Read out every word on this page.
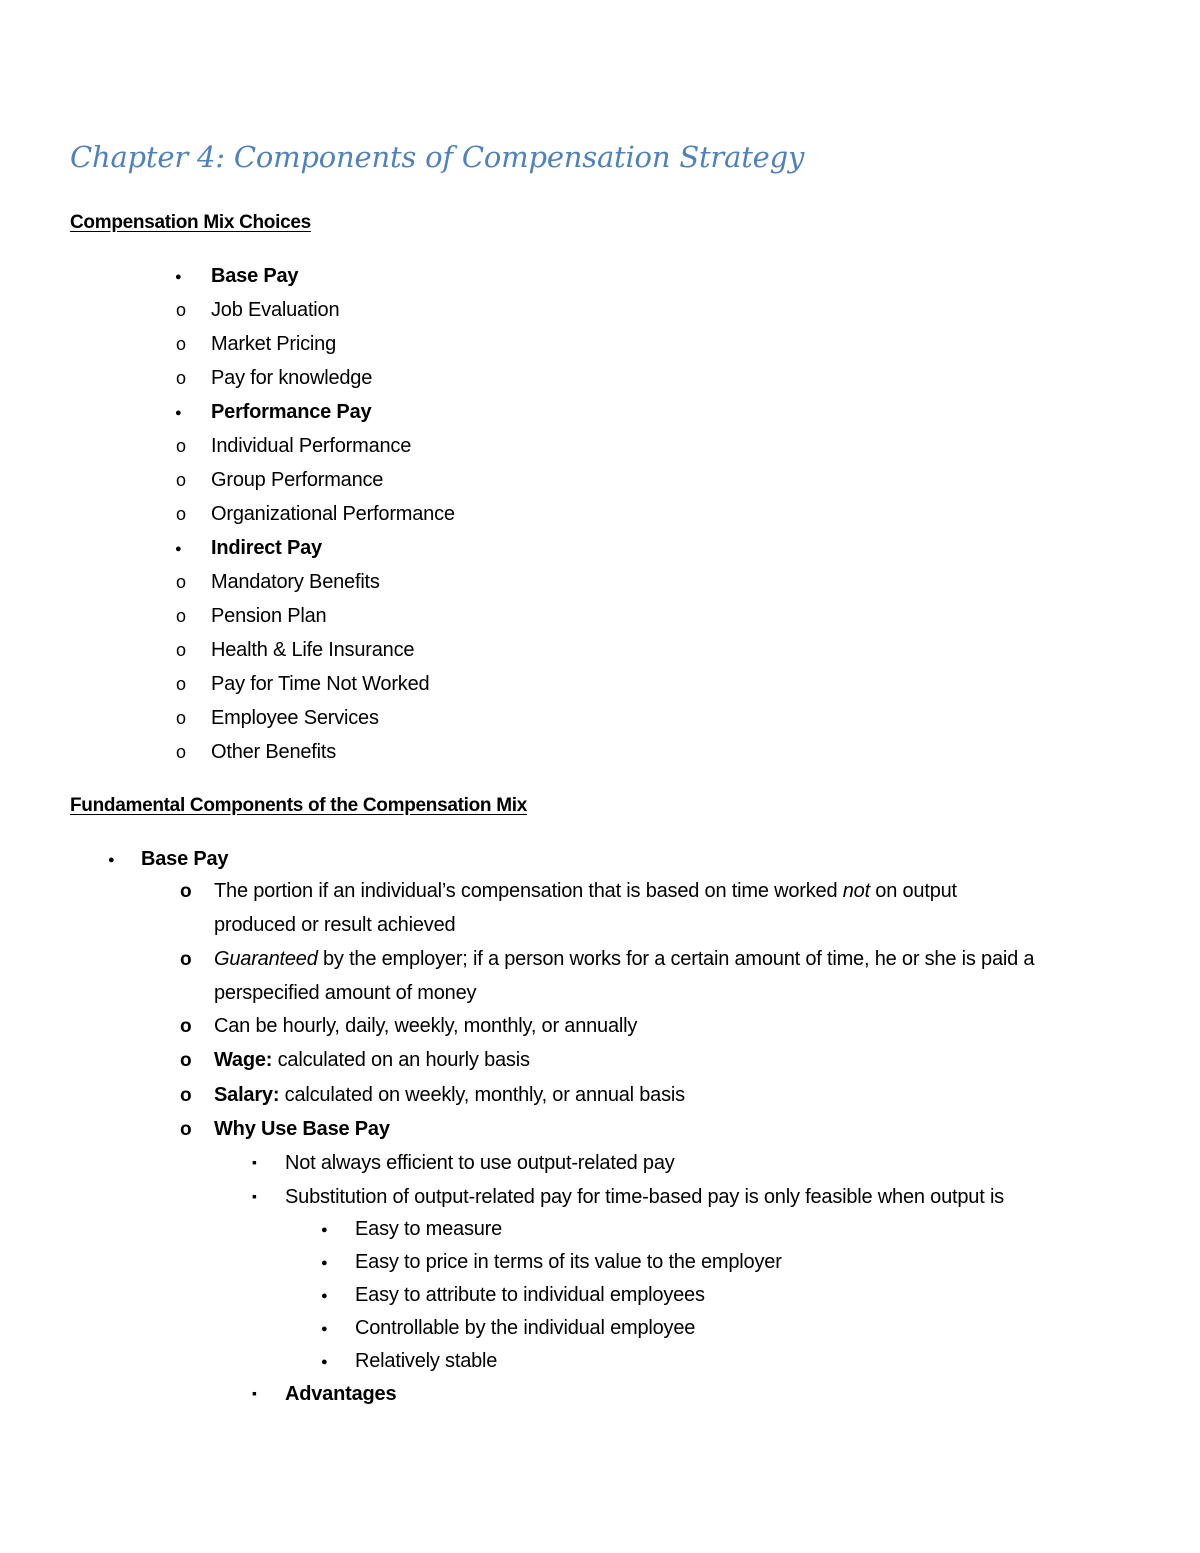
Chapter 4: Components of Compensation Strategy
Compensation Mix Choices
●
Base Pay
o
Job Evaluation
o
Market Pricing
o
Pay for knowledge
●
Performance Pay
o
Individual Performance
o
Group Performance
o
Organizational Performance
●
Indirect Pay
o
Mandatory Benefits
o
Pension Plan
o
Health & Life Insurance
o
Pay for Time Not Worked
o
Employee Services
o
Other Benefits
Fundamental Components of the Compensation Mix
●
Base Pay
o
The portion if an individual’s compensation that is based on time worked not on output
produced or result achieved
o
Guaranteed by the employer; if a person works for a certain amount of time, he or she is paid a
perspecified amount of money
o
Can be hourly, daily, weekly, monthly, or annually
o
Wage: calculated on an hourly basis
o
Salary: calculated on weekly, monthly, or annual basis
o
Why Use Base Pay
▪
Not always efficient to use output-related pay
▪
Substitution of output-related pay for time-based pay is only feasible when output is
●
Easy to measure
●
Easy to price in terms of its value to the employer
●
Easy to attribute to individual employees
●
Controllable by the individual employee
●
Relatively stable
▪
Advantages
